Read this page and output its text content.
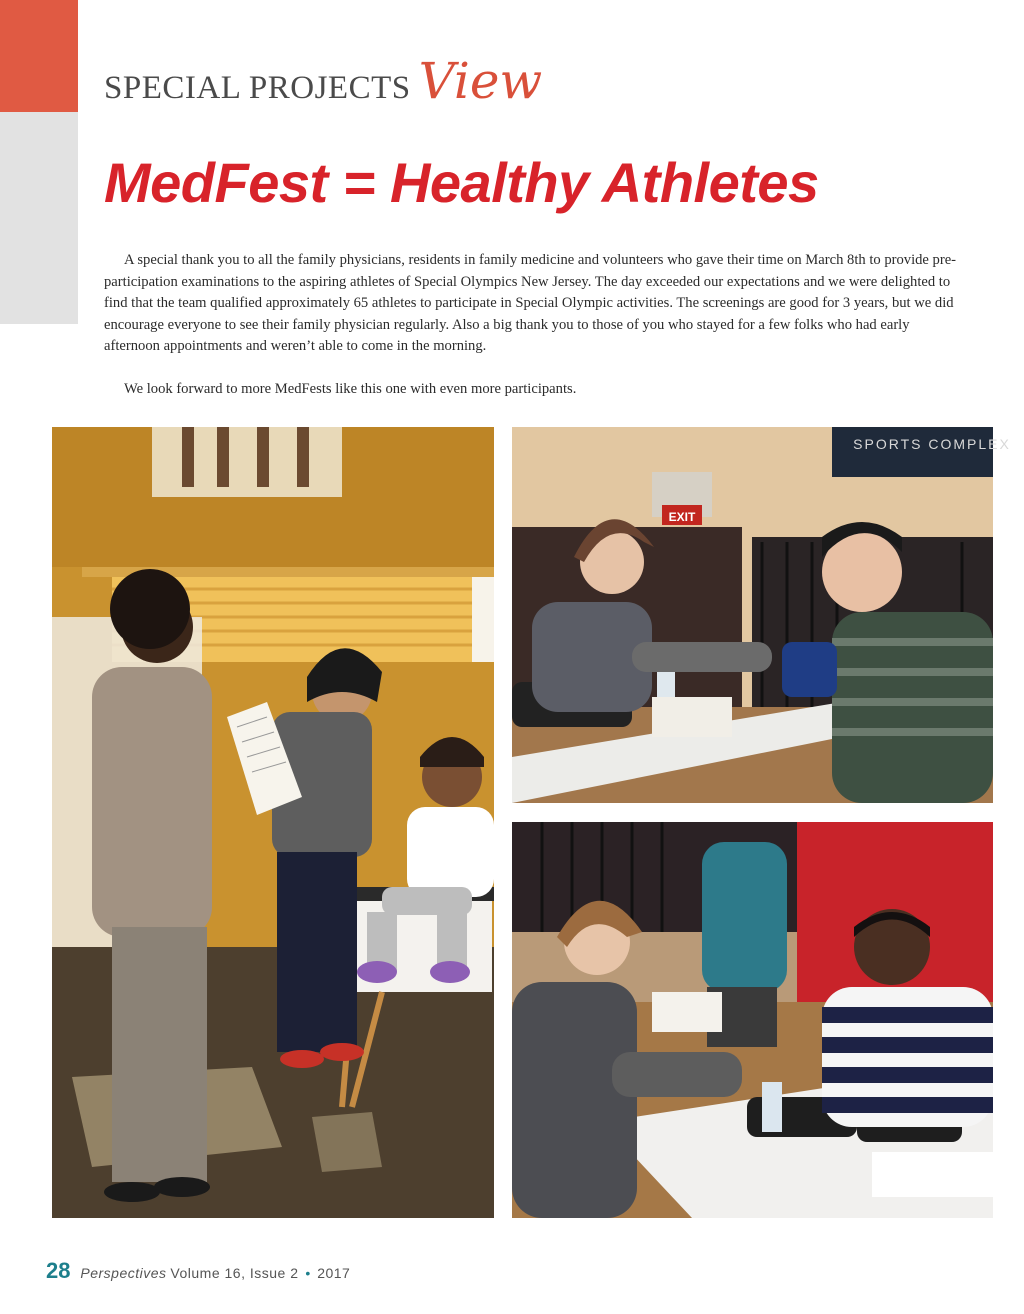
SPECIAL PROJECTS View
MedFest = Healthy Athletes

A special thank you to all the family physicians, residents in family medicine and volunteers who gave their time on March 8th to provide pre-participation examinations to the aspiring athletes of Special Olympics New Jersey. The day exceeded our expectations and we were delighted to find that the team qualified approximately 65 athletes to participate in Special Olympic activities. The screenings are good for 3 years, but we did encourage everyone to see their family physician regularly. Also a big thank you to those of you who stayed for a few folks who had early afternoon appointments and weren’t able to come in the morning.

We look forward to more MedFests like this one with even more participants.

SPORTS COMPLEX
EXIT
28 Perspectives Volume 16, Issue 2 • 2017
